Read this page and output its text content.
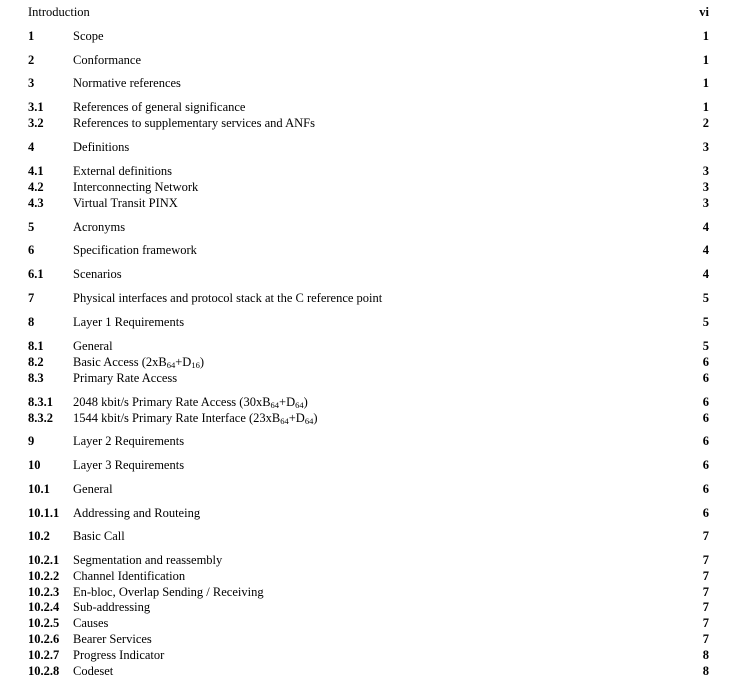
Introduction	vi
1	Scope	1
2	Conformance	1
3	Normative references	1
3.1 References of general significance	1
3.2 References to supplementary services and ANFs	2
4	Definitions	3
4.1 External definitions	3
4.2 Interconnecting Network	3
4.3 Virtual Transit PINX	3
5	Acronyms	4
6	Specification framework	4
6.1 Scenarios	4
7	Physical interfaces and protocol stack at the C reference point	5
8	Layer 1 Requirements	5
8.1 General	5
8.2 Basic Access $(2xB_{64}+D_{16})$	6
8.3 Primary Rate Access	6
8.3.1 2048 kbit/s Primary Rate Access $(30xB_{64}+D_{64})$	6
8.3.2 1544 kbit/s Primary Rate Interface $(23xB_{64}+D_{64})$	6
9	Layer 2 Requirements	6
10	Layer 3 Requirements	6
10.1 General	6
10.1.1 Addressing and Routeing	6
10.2 Basic Call	7
10.2.1 Segmentation and reassembly	7
10.2.2 Channel Identification	7
10.2.3 En-bloc, Overlap Sending / Receiving	7
10.2.4 Sub-addressing	7
10.2.5 Causes	7
10.2.6 Bearer Services	7
10.2.7 Progress Indicator	8
10.2.8 Codeset	8
